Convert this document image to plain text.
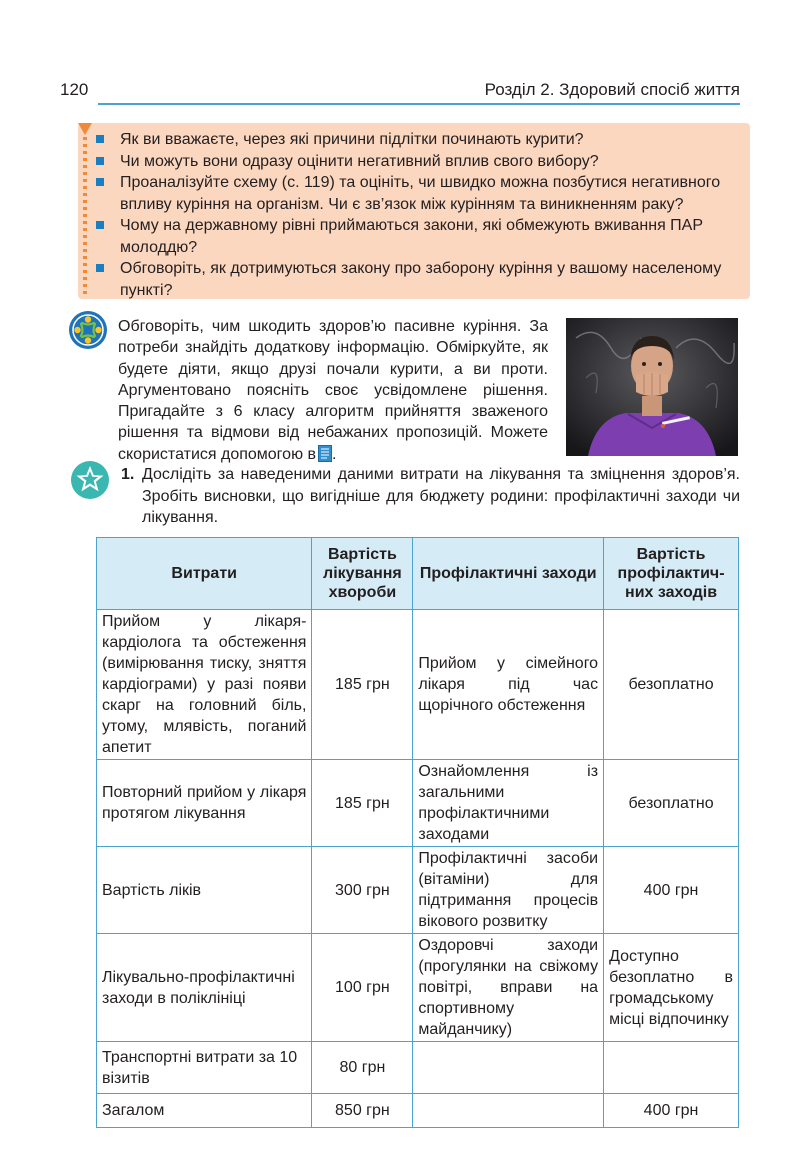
120	Розділ 2. Здоровий спосіб життя
Як ви вважаєте, через які причини підлітки починають курити?
Чи можуть вони одразу оцінити негативний вплив свого вибору?
Проаналізуйте схему (с. 119) та оцініть, чи швидко можна позбутися негативного впливу куріння на організм. Чи є зв’язок між курінням та виникненням раку?
Чому на державному рівні приймаються закони, які обмежують вживання ПАР молоддю?
Обговоріть, як дотримуються закону про заборону куріння у вашому населеному пункті?
Обговоріть, чим шкодить здоров’ю пасивне куріння. За потреби знайдіть додаткову інформацію. Обміркуйте, як будете діяти, якщо друзі почали курити, а ви проти. Аргументовано поясніть своє усвідомлене рішення. Пригадайте з 6 класу алгоритм прийняття зваженого рішення та відмови від небажаних пропозицій. Можете скористатися допомогою в .
1. Дослідіть за наведеними даними витрати на лікування та зміцнення здоров’я. Зробіть висновки, що вигідніше для бюджету родини: профілактичні заходи чи лікування.
Витрати	Вартість лікування хвороби	Профілактичні заходи	Вартість профілактичних заходів
Прийом у лікаря-кардіолога та обстеження (вимірювання тиску, зняття кардіограми) у разі появи скарг на головний біль, утому, млявість, поганий апетит	185 грн	Прийом у сімейного лікаря під час щорічного обстеження	безоплатно
Повторний прийом у лікаря протягом лікування	185 грн	Ознайомлення із загальними профілактичними заходами	безоплатно
Вартість ліків	300 грн	Профілактичні засоби (вітаміни) для підтримання процесів вікового розвитку	400 грн
Лікувально-профілактичні заходи в поліклініці	100 грн	Оздоровчі заходи (прогулянки на свіжому повітрі, вправи на спортивному майданчику)	Доступно безоплатно в громадському місці відпочинку
Транспортні витрати за 10 візитів	80 грн		
Загалом	850 грн		400 грн
